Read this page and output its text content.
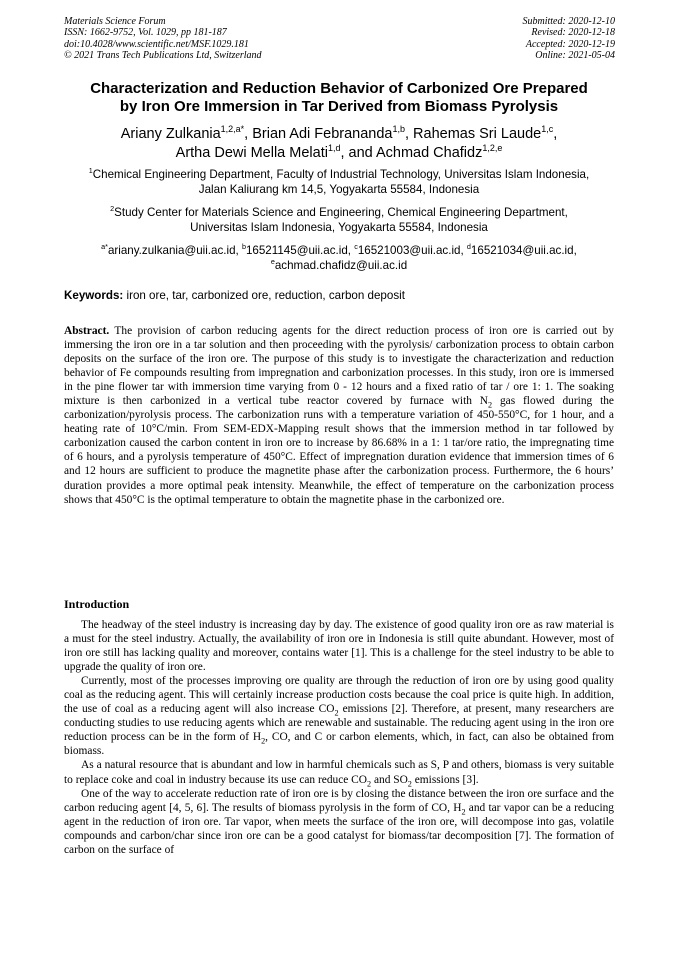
Materials Science Forum
ISSN: 1662-9752, Vol. 1029, pp 181-187
doi:10.4028/www.scientific.net/MSF.1029.181
© 2021 Trans Tech Publications Ltd, Switzerland
Submitted: 2020-12-10
Revised: 2020-12-18
Accepted: 2020-12-19
Online: 2021-05-04
Characterization and Reduction Behavior of Carbonized Ore Prepared
by Iron Ore Immersion in Tar Derived from Biomass Pyrolysis
Ariany Zulkania$^{1,2,a*}$, Brian Adi Febrananda$^{1,b}$, Rahemas Sri Laude$^{1,c}$,
Artha Dewi Mella Melati$^{1,d}$, and Achmad Chafidz$^{1,2,e}$
$^1$Chemical Engineering Department, Faculty of Industrial Technology, Universitas Islam Indonesia,
Jalan Kaliurang km 14,5, Yogyakarta 55584, Indonesia
$^2$Study Center for Materials Science and Engineering, Chemical Engineering Department,
Universitas Islam Indonesia, Yogyakarta 55584, Indonesia
$^{a*}$ariany.zulkania@uii.ac.id, $^b$16521145@uii.ac.id, $^c$16521003@uii.ac.id, $^d$16521034@uii.ac.id,
$^e$achmad.chafidz@uii.ac.id
Keywords: iron ore, tar, carbonized ore, reduction, carbon deposit

Abstract. The provision of carbon reducing agents for the direct reduction process of iron ore is carried out by immersing the iron ore in a tar solution and then proceeding with the pyrolysis/ carbonization process to obtain carbon deposits on the surface of the iron ore. The purpose of this study is to investigate the characterization and reduction behavior of Fe compounds resulting from impregnation and carbonization processes. In this study, iron ore is immersed in the pine flower tar with immersion time varying from 0 - 12 hours and a fixed ratio of tar / ore 1: 1. The soaking mixture is then carbonized in a vertical tube reactor covered by furnace with $N_2$ gas flowed during the carbonization/pyrolysis process. The carbonization runs with a temperature variation of 450-550°C, for 1 hour, and a heating rate of 10°C/min. From SEM-EDX-Mapping result shows that the immersion method in tar followed by carbonization caused the carbon content in iron ore to increase by 86.68% in a 1: 1 tar/ore ratio, the impregnating time of 6 hours, and a pyrolysis temperature of 450°C. Effect of impregnation duration evidence that immersion times of 6 and 12 hours are sufficient to produce the magnetite phase after the carbonization process. Furthermore, the 6 hours’ duration provides a more optimal peak intensity. Meanwhile, the effect of temperature on the carbonization process shows that 450°C is the optimal temperature to obtain the magnetite phase in the carbonized ore.

Introduction

The headway of the steel industry is increasing day by day. The existence of good quality iron ore as raw material is a must for the steel industry. Actually, the availability of iron ore in Indonesia is still quite abundant. However, most of iron ore still has lacking quality and moreover, contains water [1]. This is a challenge for the steel industry to be able to upgrade the quality of iron ore.

Currently, most of the processes improving ore quality are through the reduction of iron ore by using good quality coal as the reducing agent. This will certainly increase production costs because the coal price is quite high. In addition, the use of coal as a reducing agent will also increase $CO_2$ emissions [2]. Therefore, at present, many researchers are conducting studies to use reducing agents which are renewable and sustainable. The reducing agent using in the iron ore reduction process can be in the form of $H_2$, CO, and C or carbon elements, which, in fact, can also be obtained from biomass.

As a natural resource that is abundant and low in harmful chemicals such as S, P and others, biomass is very suitable to replace coke and coal in industry because its use can reduce $CO_2$ and $SO_2$ emissions [3].

One of the way to accelerate reduction rate of iron ore is by closing the distance between the iron ore surface and the carbon reducing agent [4, 5, 6]. The results of biomass pyrolysis in the form of CO, $H_2$ and tar vapor can be a reducing agent in the reduction of iron ore. Tar vapor, when meets the surface of the iron ore, will decompose into gas, volatile compounds and carbon/char since iron ore can be a good catalyst for biomass/tar decomposition [7]. The formation of carbon on the surface of
